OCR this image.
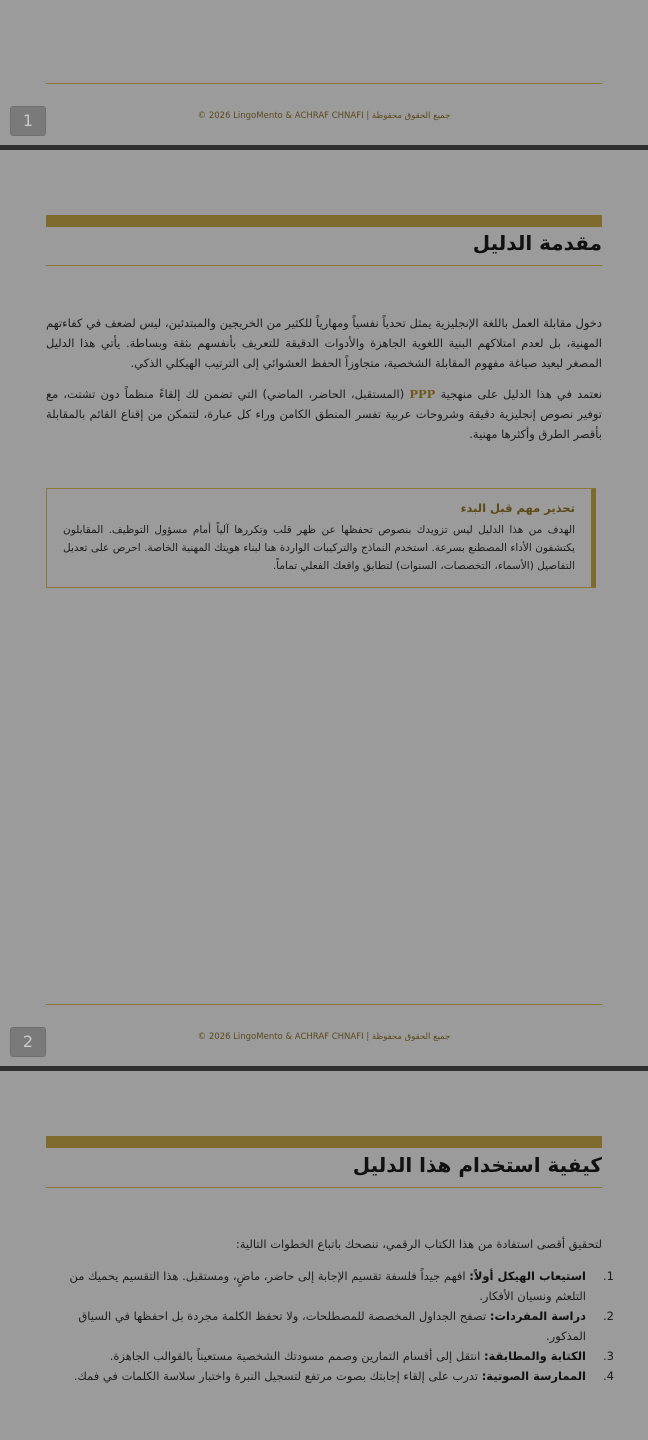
© 2026 LingoMento & ACHRAF CHNAFI | جميع الحقوق محفوظة
1
مقدمة الدليل

دخول مقابلة العمل باللغة الإنجليزية يمثل تحدياً نفسياً ومهارياً للكثير من الخريجين والمبتدئين، ليس لضعف في كفاءتهم المهنية، بل لعدم امتلاكهم البنية اللغوية الجاهزة والأدوات الدقيقة للتعريف بأنفسهم بثقة وبساطة. يأتي هذا الدليل المصغر ليعيد صياغة مفهوم المقابلة الشخصية، متجاوزاً الحفظ العشوائي إلى الترتيب الهيكلي الذكي.

نعتمد في هذا الدليل على منهجية PPP (المستقبل، الحاضر، الماضي) التي تضمن لك إلقاءً منظماً دون تشتت، مع توفير نصوص إنجليزية دقيقة وشروحات عربية تفسر المنطق الكامن وراء كل عبارة، لتتمكن من إقناع القائم بالمقابلة بأقصر الطرق وأكثرها مهنية.

تحذير مهم قبل البدء

الهدف من هذا الدليل ليس تزويدك بنصوص تحفظها عن ظهر قلب وتكررها آلياً أمام مسؤول التوظيف. المقابلون يكتشفون الأداء المصطنع بسرعة. استخدم النماذج والتركيبات الواردة هنا لبناء هويتك المهنية الخاصة. احرص على تعديل التفاصيل (الأسماء، التخصصات، السنوات) لتطابق واقعك الفعلي تماماً.

© 2026 LingoMento & ACHRAF CHNAFI | جميع الحقوق محفوظة
2
كيفية استخدام هذا الدليل

لتحقيق أقصى استفادة من هذا الكتاب الرقمي، ننصحك باتباع الخطوات التالية:

1.
استيعاب الهيكل أولاً: افهم جيداً فلسفة تقسيم الإجابة إلى حاضر، ماضٍ، ومستقبل. هذا التقسيم يحميك من التلعثم ونسيان الأفكار.
2.
دراسة المفردات: تصفح الجداول المخصصة للمصطلحات، ولا تحفظ الكلمة مجردة بل احفظها في السياق المذكور.
3.
الكتابة والمطابقة: انتقل إلى أقسام التمارين وصمم مسودتك الشخصية مستعيناً بالقوالب الجاهزة.
4.
الممارسة الصوتية: تدرب على إلقاء إجابتك بصوت مرتفع لتسجيل النبرة واختبار سلاسة الكلمات في فمك.
